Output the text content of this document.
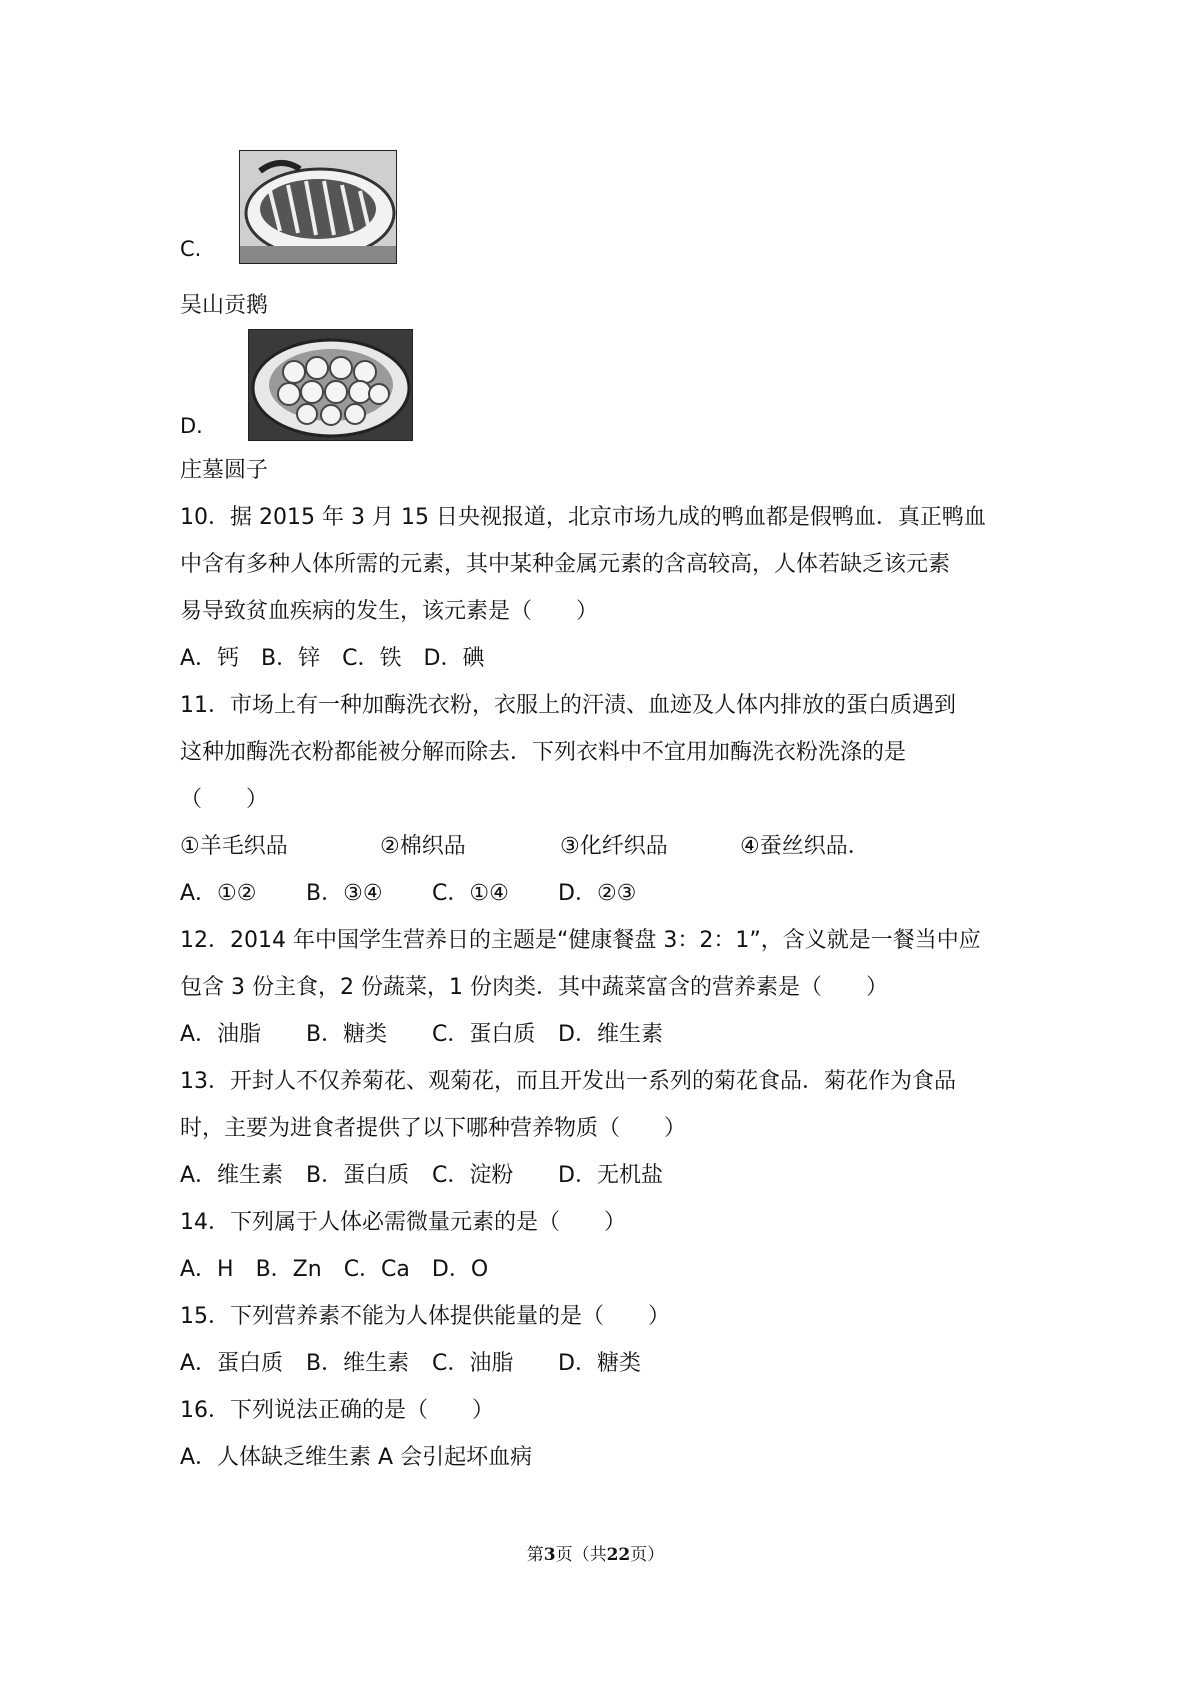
C.
吴山贡鹅
D.
庄墓圆子
10．据 2015 年 3 月 15 日央视报道，北京市场九成的鸭血都是假鸭血．真正鸭血
中含有多种人体所需的元素，其中某种金属元素的含高较高，人体若缺乏该元素
易导致贫血疾病的发生，该元素是（　　）
A．钙　B．锌　C．铁　D．碘
11．市场上有一种加酶洗衣粉，衣服上的汗渍、血迹及人体内排放的蛋白质遇到
这种加酶洗衣粉都能被分解而除去．下列衣料中不宜用加酶洗衣粉洗涤的是
（　　）
①羊毛织品	②棉织品	③化纤织品	④蚕丝织品．
A．①② B．③④ C．①④ D．②③
12．2014 年中国学生营养日的主题是“健康餐盘 3：2：1”，含义就是一餐当中应
包含 3 份主食，2 份蔬菜，1 份肉类．其中蔬菜富含的营养素是（　　）
A．油脂 B．糖类 C．蛋白质 D．维生素
13．开封人不仅养菊花、观菊花，而且开发出一系列的菊花食品．菊花作为食品
时，主要为进食者提供了以下哪种营养物质（　　）
A．维生素 B．蛋白质 C．淀粉 D．无机盐
14．下列属于人体必需微量元素的是（　　）
A．H　B．Zn　C．Ca　D．O
15．下列营养素不能为人体提供能量的是（　　）
A．蛋白质 B．维生素 C．油脂 D．糖类
16．下列说法正确的是（　　）
A．人体缺乏维生素 A 会引起坏血病
第3页（共22页）
